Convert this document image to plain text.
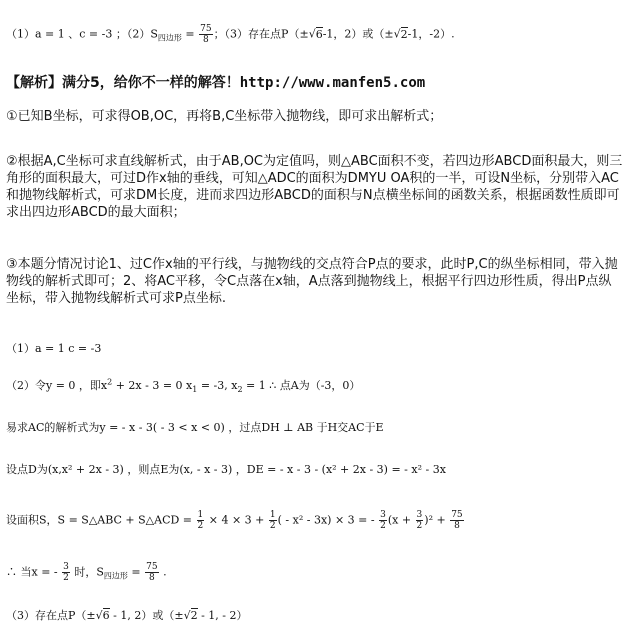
（1）a = 1 、c = -3 ；$(2)S_{四边形} = \frac{75}{8}$ ；（3）存在点P（±√6-1，2）或（±√2-1，-2）.
【解析】满分5，给你不一样的解答！http://www.manfen5.com
①已知B坐标，可求得OB,OC，再将B,C坐标带入抛物线，即可求出解析式；
②根据A,C坐标可求直线解析式，由于AB,OC为定值吗，则△ABC面积不变，若四边形ABCD面积最大，则三角形的面积最大，可过D作x轴的垂线，可知△ADC的面积为DMYU OA积的一半，可设N坐标，分别带入AC和抛物线解析式，可求DM长度，进而求四边形ABCD的面积与N点横坐标间的函数关系，根据函数性质即可求出四边形ABCD的最大面积；
③本题分情况讨论1、过C作x轴的平行线，与抛物线的交点符合P点的要求，此时P,C的纵坐标相同，带入抛物线的解析式即可；2、将AC平移，令C点落在x轴，A点落到抛物线上，根据平行四边形性质，得出P点纵坐标，带入抛物线解析式可求P点坐标.
（1）a = 1 c = -3
（2）令y = 0 ，即$x^2 + 2x - 3 = 0$ $x_1 = -3$, $x_2 = 1$ ∴ 点A为（-3，0）
易求AC的解析式为y = - x - 3( - 3 < x < 0) ，过点DH ⊥ AB 于H交AC于E
设点D为(x,x² + 2x - 3) ，则点E为(x, - x - 3) ，DE = - x - 3 - (x² + 2x - 3) = - x² - 3x
设面积S，S = S△ABC + S△ACD = $\frac{1}{2} \times 4 \times 3 + \frac{1}{2}$ ( - x² - 3x) × 3 = - $\frac{3}{2} (x + \frac{3}{2} )^2 + \frac{75}{8}$
∴ 当x = - $\frac{3}{2}$ 时，$S_{四边形} = \frac{75}{8}$ .
（3）存在点P（±√6 - 1, 2）或（±√2 - 1, - 2）
